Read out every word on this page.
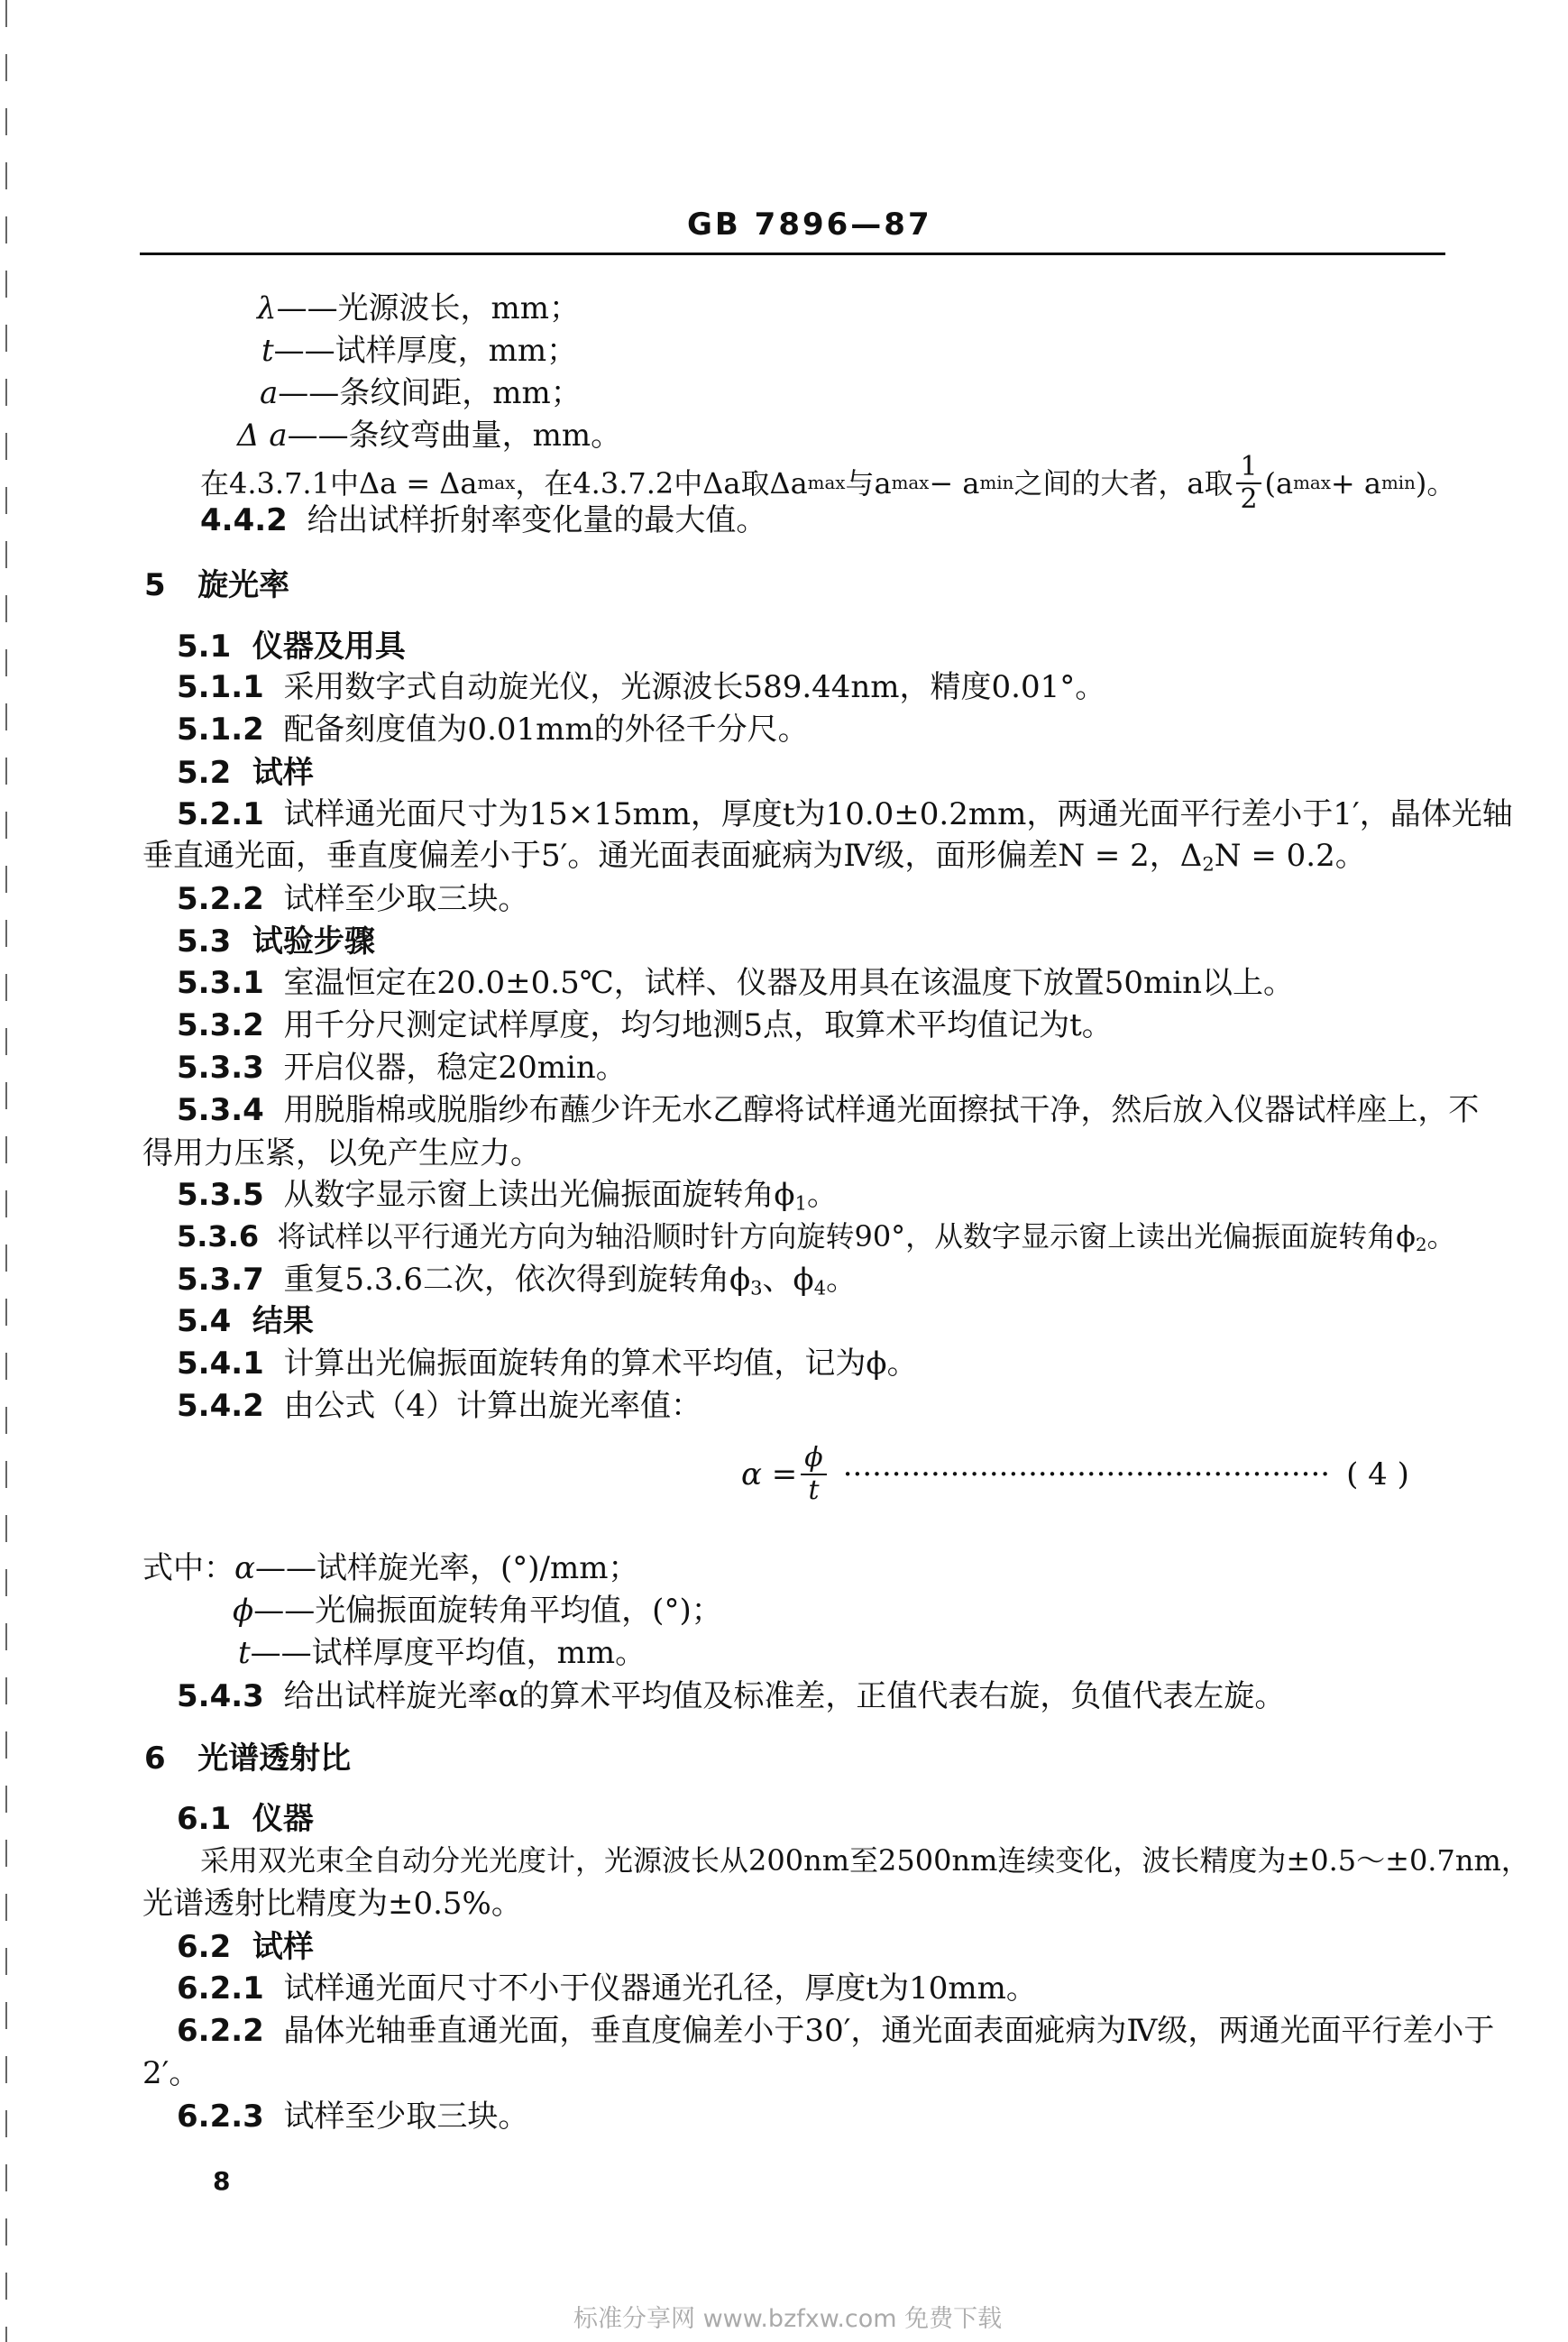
GB 7896—87
λ——光源波长，mm；
t——试样厚度，mm；
a——条纹间距，mm；
Δ a——条纹弯曲量，mm。
在4.3.7.1中Δa = Δa max ，在4.3.7.2中Δa取Δa max 与a max − a min 之间的大者，a取 $\frac{1}{2} (a$ max + a min )。
4.4.2 给出试样折射率变化量的最大值。
5 旋光率
5.1 仪器及用具
5.1.1 采用数字式自动旋光仪，光源波长589.44nm，精度0.01°。
5.1.2 配备刻度值为0.01mm的外径千分尺。
5.2 试样
5.2.1 试样通光面尺寸为15×15mm，厚度t为10.0±0.2mm，两通光面平行差小于1′，晶体光轴
垂直通光面，垂直度偏差小于5′。通光面表面疵病为Ⅳ级，面形偏差N = 2，$\Delta_2N = 0.2$。
5.2.2 试样至少取三块。
5.3 试验步骤
5.3.1 室温恒定在20.0±0.5℃，试样、仪器及用具在该温度下放置50min以上。
5.3.2 用千分尺测定试样厚度，均匀地测5点，取算术平均值记为t。
5.3.3 开启仪器，稳定20min。
5.3.4 用脱脂棉或脱脂纱布蘸少许无水乙醇将试样通光面擦拭干净，然后放入仪器试样座上，不
得用力压紧，以免产生应力。
5.3.5 从数字显示窗上读出光偏振面旋转角$\phi_1$。
5.3.6 将试样以平行通光方向为轴沿顺时针方向旋转90°，从数字显示窗上读出光偏振面旋转角$\phi_2$。
5.3.7 重复5.3.6二次，依次得到旋转角$\phi_3$、$\phi_4$。
5.4 结果
5.4.1 计算出光偏振面旋转角的算术平均值，记为ϕ。
5.4.2 由公式（4）计算出旋光率值：
$\alpha = \frac{\phi}{t}$ ·················································· ( 4 )
式中：α——试样旋光率，(°)/mm；
ϕ——光偏振面旋转角平均值，(°)；
t——试样厚度平均值，mm。
5.4.3 给出试样旋光率α的算术平均值及标准差，正值代表右旋，负值代表左旋。
6 光谱透射比
6.1 仪器
采用双光束全自动分光光度计，光源波长从200nm至2500nm连续变化，波长精度为±0.5～±0.7nm，
光谱透射比精度为±0.5%。
6.2 试样
6.2.1 试样通光面尺寸不小于仪器通光孔径，厚度t为10mm。
6.2.2 晶体光轴垂直通光面，垂直度偏差小于30′，通光面表面疵病为Ⅳ级，两通光面平行差小于
2′。
6.2.3 试样至少取三块。
8
标准分享网 www.bzfxw.com 免费下载
